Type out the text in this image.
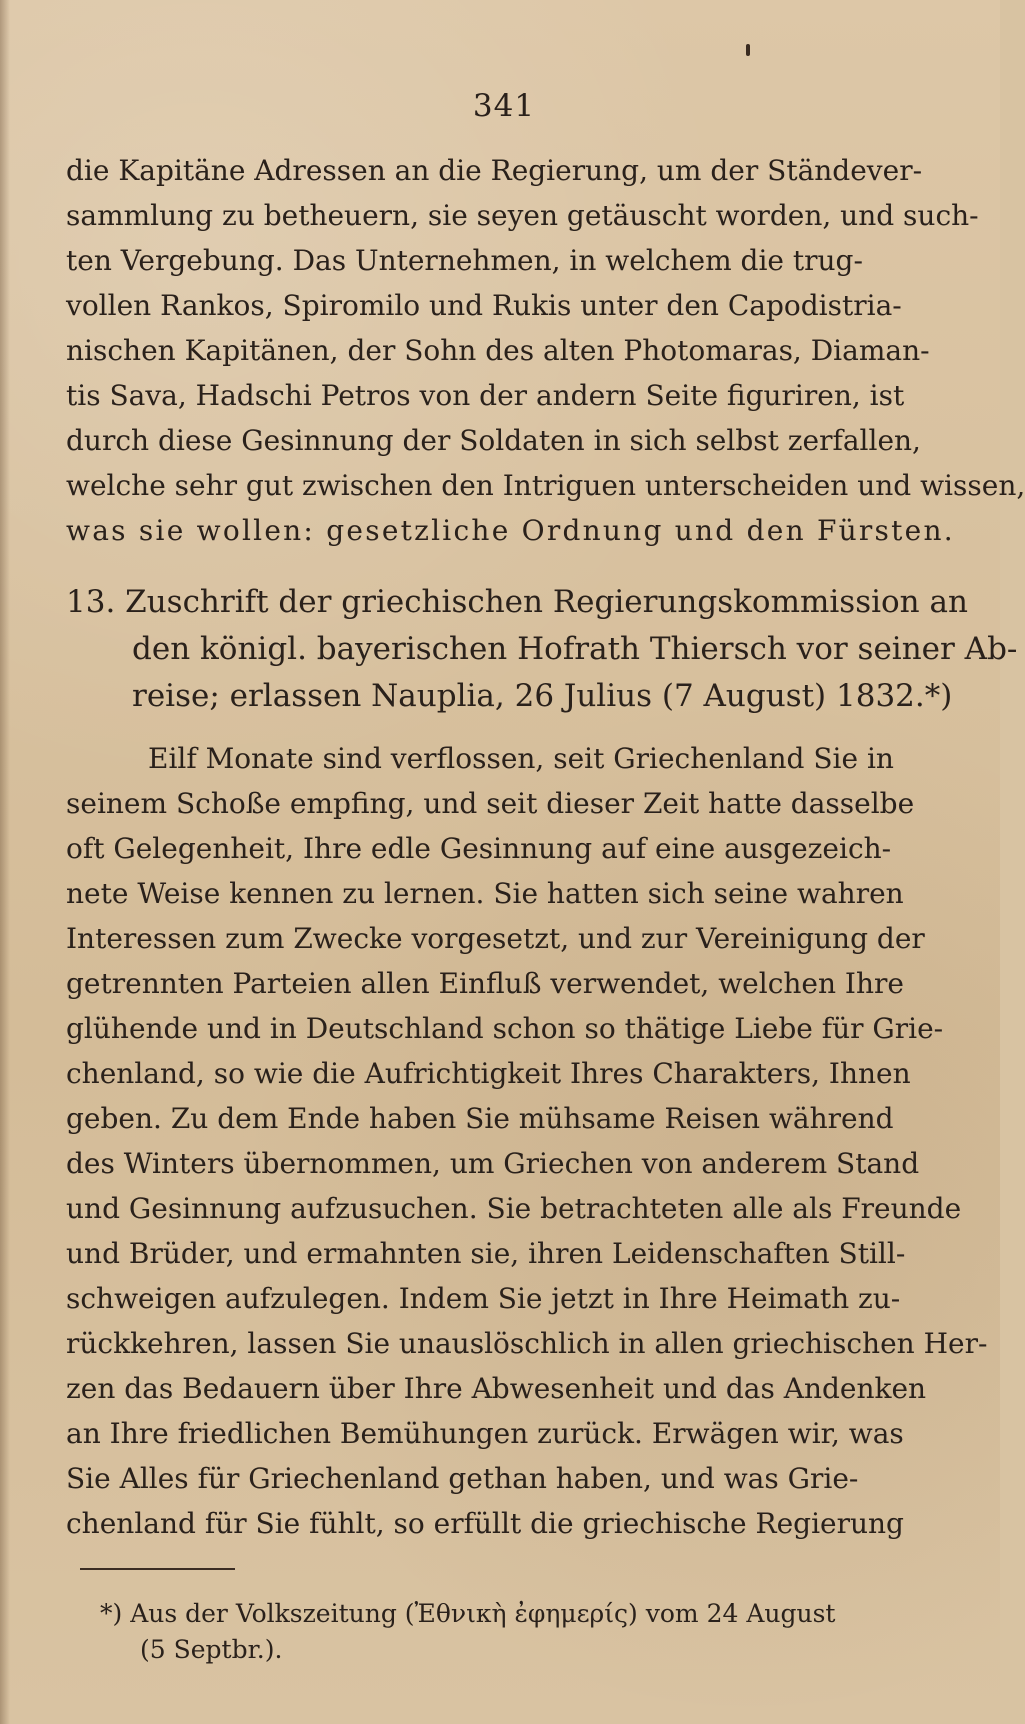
341
die Kapitäne Adressen an die Regierung, um der Ständever-
sammlung zu betheuern, sie seyen getäuscht worden, und such-
ten Vergebung. Das Unternehmen, in welchem die trug-
vollen Rankos, Spiromilo und Rukis unter den Capodistria-
nischen Kapitänen, der Sohn des alten Photomaras, Diaman-
tis Sava, Hadschi Petros von der andern Seite figuriren, ist
durch diese Gesinnung der Soldaten in sich selbst zerfallen,
welche sehr gut zwischen den Intriguen unterscheiden und wissen,
was sie wollen: gesetzliche Ordnung und den Fürsten.
13. Zuschrift der griechischen Regierungskommission an
den königl. bayerischen Hofrath Thiersch vor seiner Ab-
reise; erlassen Nauplia, 26 Julius (7 August) 1832.*)
Eilf Monate sind verflossen, seit Griechenland Sie in
seinem Schoße empfing, und seit dieser Zeit hatte dasselbe
oft Gelegenheit, Ihre edle Gesinnung auf eine ausgezeich-
nete Weise kennen zu lernen. Sie hatten sich seine wahren
Interessen zum Zwecke vorgesetzt, und zur Vereinigung der
getrennten Parteien allen Einfluß verwendet, welchen Ihre
glühende und in Deutschland schon so thätige Liebe für Grie-
chenland, so wie die Aufrichtigkeit Ihres Charakters, Ihnen
geben. Zu dem Ende haben Sie mühsame Reisen während
des Winters übernommen, um Griechen von anderem Stand
und Gesinnung aufzusuchen. Sie betrachteten alle als Freunde
und Brüder, und ermahnten sie, ihren Leidenschaften Still-
schweigen aufzulegen. Indem Sie jetzt in Ihre Heimath zu-
rückkehren, lassen Sie unauslöschlich in allen griechischen Her-
zen das Bedauern über Ihre Abwesenheit und das Andenken
an Ihre friedlichen Bemühungen zurück. Erwägen wir, was
Sie Alles für Griechenland gethan haben, und was Grie-
chenland für Sie fühlt, so erfüllt die griechische Regierung
*) Aus der Volkszeitung (Ἐθνικὴ ἐφημερίς) vom 24 August
(5 Septbr.).
